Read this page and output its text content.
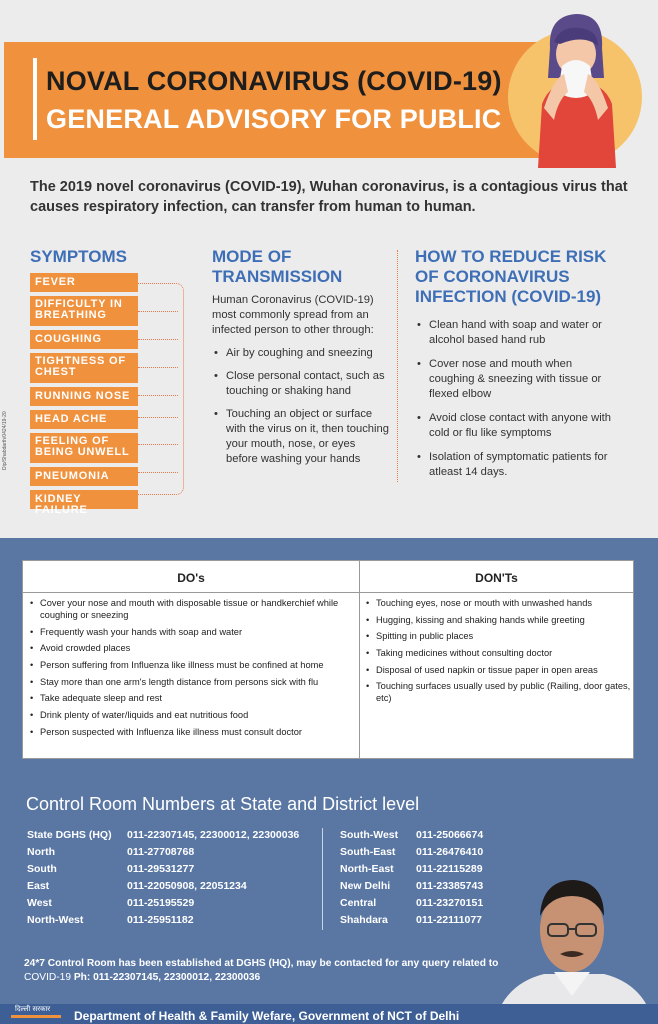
NOVAL CORONAVIRUS (COVID-19)
GENERAL ADVISORY FOR PUBLIC
The 2019 novel coronavirus (COVID-19), Wuhan coronavirus, is a contagious virus that causes respiratory infection, can transfer from human to human.
SYMPTOMS
FEVER
DIFFICULTY IN BREATHING
COUGHING
TIGHTNESS OF CHEST
RUNNING NOSE
HEAD ACHE
FEELING OF BEING UNWELL
PNEUMONIA
KIDNEY FAILURE
Dip/Shabdarth/0424/19-20
MODE OF
TRANSMISSION
Human Coronavirus (COVID-19) most commonly spread from an infected person to other through:
• Air by coughing and sneezing
• Close personal contact, such as touching or shaking hand
• Touching an object or surface with the virus on it, then touching your mouth, nose, or eyes before washing your hands
HOW TO REDUCE RISK
OF CORONAVIRUS
INFECTION (COVID-19)
• Clean hand with soap and water or alcohol based hand rub
• Cover nose and mouth when coughing & sneezing with tissue or flexed elbow
• Avoid close contact with anyone with cold or flu like symptoms
• Isolation of symptomatic patients for atleast 14 days.
DO's	DON'Ts
• Cover your nose and mouth with disposable tissue or handkerchief while coughing or sneezing
• Frequently wash your hands with soap and water
• Avoid crowded places
• Person suffering from Influenza like illness must be confined at home
• Stay more than one arm's length distance from persons sick with flu
• Take adequate sleep and rest
• Drink plenty of water/liquids and eat nutritious food
• Person suspected with Influenza like illness must consult doctor
• Touching eyes, nose or mouth with unwashed hands
• Hugging, kissing and shaking hands while greeting
• Spitting in public places
• Taking medicines without consulting doctor
• Disposal of used napkin or tissue paper in open areas
• Touching surfaces usually used by public (Railing, door gates, etc)
Control Room Numbers at State and District level
State DGHS (HQ)	011-22307145, 22300012, 22300036
North	011-27708768
South	011-29531277
East	011-22050908, 22051234
West	011-25195529
North-West	011-25951182
South-West	011-25066674
South-East	011-26476410
North-East	011-22115289
New Delhi	011-23385743
Central	011-23270151
Shahdara	011-22111077
24*7 Control Room has been established at DGHS (HQ), may be contacted for any query related to
COVID-19 Ph: 011-22307145, 22300012, 22300036
दिल्ली सरकार	Department of Health & Family Wefare, Government of NCT of Delhi
